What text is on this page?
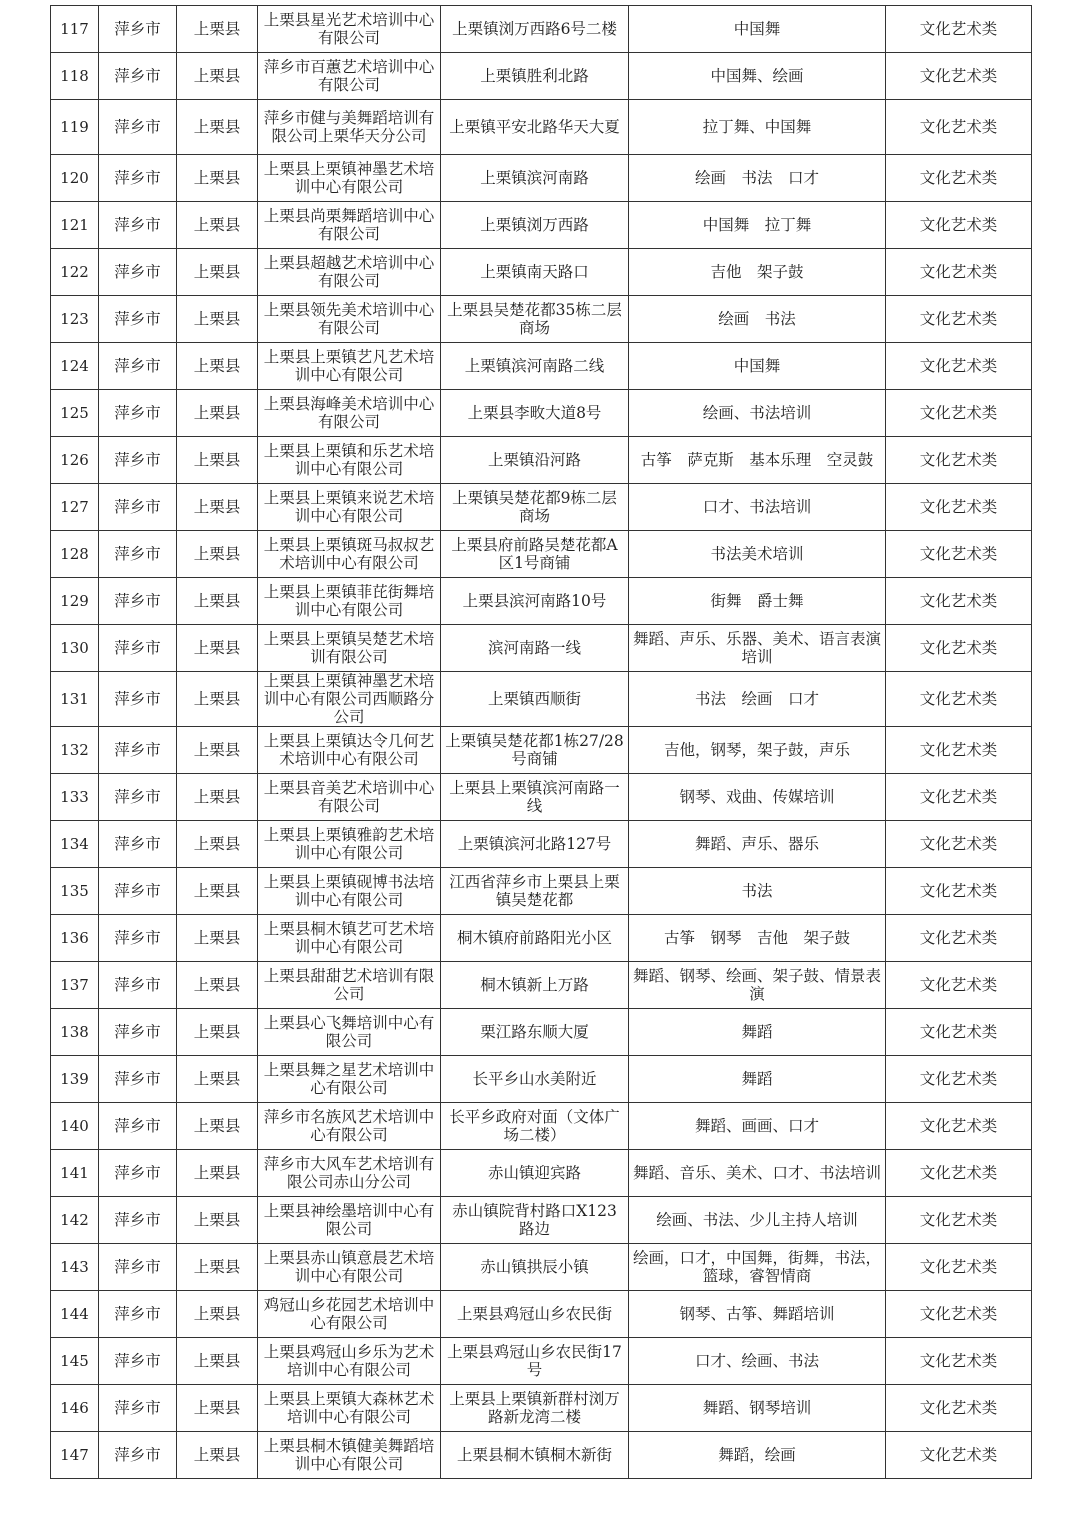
117	萍乡市	上栗县	上栗县星光艺术培训中心有限公司	上栗镇浏万西路6号二楼	中国舞	文化艺术类
118	萍乡市	上栗县	萍乡市百蕙艺术培训中心有限公司	上栗镇胜利北路	中国舞、绘画	文化艺术类
119	萍乡市	上栗县	萍乡市健与美舞蹈培训有限公司上栗华天分公司	上栗镇平安北路华天大夏	拉丁舞、中国舞	文化艺术类
120	萍乡市	上栗县	上栗县上栗镇神墨艺术培训中心有限公司	上栗镇滨河南路	绘画　书法　口才	文化艺术类
121	萍乡市	上栗县	上栗县尚栗舞蹈培训中心有限公司	上栗镇浏万西路	中国舞　拉丁舞	文化艺术类
122	萍乡市	上栗县	上栗县超越艺术培训中心有限公司	上栗镇南天路口	吉他　架子鼓	文化艺术类
123	萍乡市	上栗县	上栗县领先美术培训中心有限公司	上栗县吴楚花都35栋二层商场	绘画　书法	文化艺术类
124	萍乡市	上栗县	上栗县上栗镇艺凡艺术培训中心有限公司	上栗镇滨河南路二线	中国舞	文化艺术类
125	萍乡市	上栗县	上栗县海峰美术培训中心有限公司	上栗县李畋大道8号	绘画、书法培训	文化艺术类
126	萍乡市	上栗县	上栗县上栗镇和乐艺术培训中心有限公司	上栗镇沿河路	古筝　萨克斯　基本乐理　空灵鼓	文化艺术类
127	萍乡市	上栗县	上栗县上栗镇来说艺术培训中心有限公司	上栗镇吴楚花都9栋二层商场	口才、书法培训	文化艺术类
128	萍乡市	上栗县	上栗县上栗镇斑马叔叔艺术培训中心有限公司	上栗县府前路吴楚花都A区1号商铺	书法美术培训	文化艺术类
129	萍乡市	上栗县	上栗县上栗镇菲芘街舞培训中心有限公司	上栗县滨河南路10号	街舞　爵士舞	文化艺术类
130	萍乡市	上栗县	上栗县上栗镇吴楚艺术培训有限公司	滨河南路一线	舞蹈、声乐、乐器、美术、语言表演培训	文化艺术类
131	萍乡市	上栗县	上栗县上栗镇神墨艺术培训中心有限公司西顺路分公司	上栗镇西顺街	书法　绘画　口才	文化艺术类
132	萍乡市	上栗县	上栗县上栗镇达令几何艺术培训中心有限公司	上栗镇吴楚花都1栋27/28号商铺	吉他，钢琴，架子鼓，声乐	文化艺术类
133	萍乡市	上栗县	上栗县音美艺术培训中心有限公司	上栗县上栗镇滨河南路一线	钢琴、戏曲、传媒培训	文化艺术类
134	萍乡市	上栗县	上栗县上栗镇雅韵艺术培训中心有限公司	上栗镇滨河北路127号	舞蹈、声乐、器乐	文化艺术类
135	萍乡市	上栗县	上栗县上栗镇砚博书法培训中心有限公司	江西省萍乡市上栗县上栗镇吴楚花都	书法	文化艺术类
136	萍乡市	上栗县	上栗县桐木镇艺可艺术培训中心有限公司	桐木镇府前路阳光小区	古筝　钢琴　吉他　架子鼓	文化艺术类
137	萍乡市	上栗县	上栗县甜甜艺术培训有限公司	桐木镇新上万路	舞蹈、钢琴、绘画、架子鼓、情景表演	文化艺术类
138	萍乡市	上栗县	上栗县心飞舞培训中心有限公司	栗江路东顺大厦	舞蹈	文化艺术类
139	萍乡市	上栗县	上栗县舞之星艺术培训中心有限公司	长平乡山水美附近	舞蹈	文化艺术类
140	萍乡市	上栗县	萍乡市名族风艺术培训中心有限公司	长平乡政府对面（文体广场二楼）	舞蹈、画画、口才	文化艺术类
141	萍乡市	上栗县	萍乡市大风车艺术培训有限公司赤山分公司	赤山镇迎宾路	舞蹈、音乐、美术、口才、书法培训	文化艺术类
142	萍乡市	上栗县	上栗县神绘墨培训中心有限公司	赤山镇院背村路口X123路边	绘画、书法、少儿主持人培训	文化艺术类
143	萍乡市	上栗县	上栗县赤山镇意晨艺术培训中心有限公司	赤山镇拱辰小镇	绘画，口才，中国舞，街舞，书法，篮球，睿智情商	文化艺术类
144	萍乡市	上栗县	鸡冠山乡花园艺术培训中心有限公司	上栗县鸡冠山乡农民街	钢琴、古筝、舞蹈培训	文化艺术类
145	萍乡市	上栗县	上栗县鸡冠山乡乐为艺术培训中心有限公司	上栗县鸡冠山乡农民街17号	口才、绘画、书法	文化艺术类
146	萍乡市	上栗县	上栗县上栗镇大森林艺术培训中心有限公司	上栗县上栗镇新群村浏万路新龙湾二楼	舞蹈、钢琴培训	文化艺术类
147	萍乡市	上栗县	上栗县桐木镇健美舞蹈培训中心有限公司	上栗县桐木镇桐木新街	舞蹈，绘画	文化艺术类
